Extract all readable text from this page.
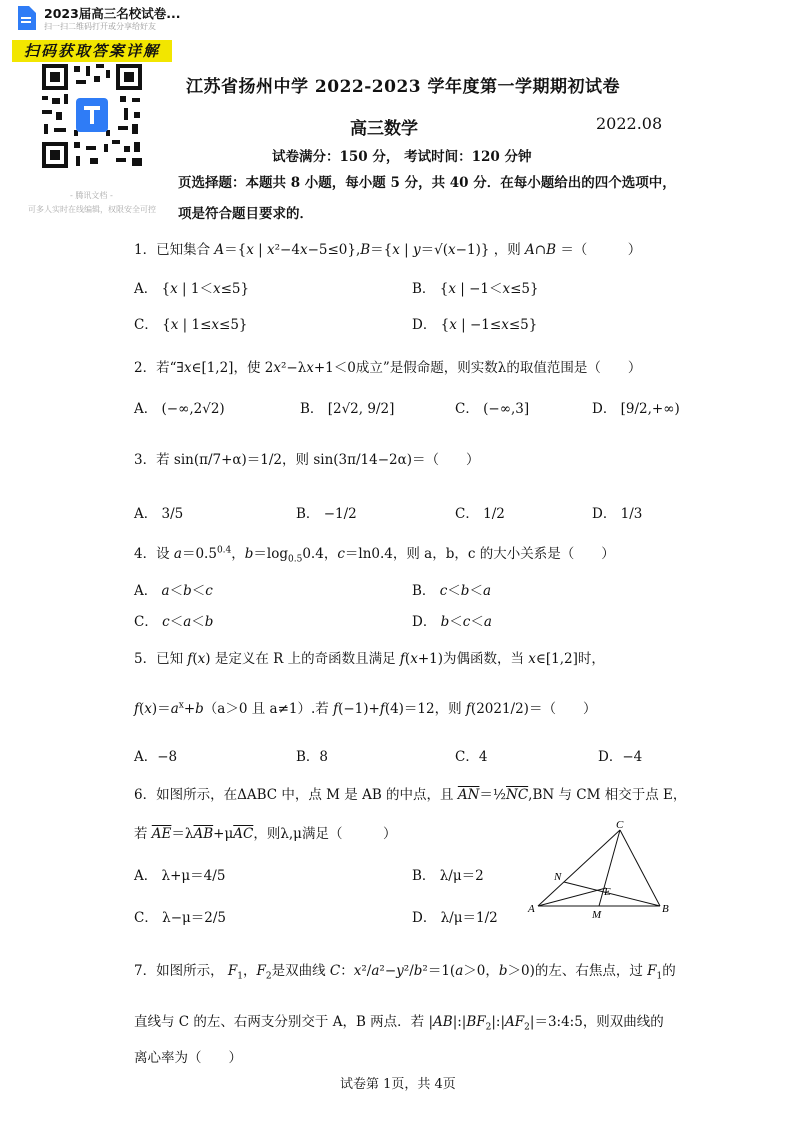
2023届高三名校试卷...
扫一扫二维码打开或分享给好友
扫码获取答案详解
- 腾讯文档 -
可多人实时在线编辑，权限安全可控
江苏省扬州中学 2022-2023 学年度第一学期期初试卷
高三数学	2022.08
试卷满分：150 分， 考试时间：120 分钟
页选择题：本题共 8 小题，每小题 5 分，共 40 分．在每小题给出的四个选项中，
项是符合题目要求的．
1．已知集合 A＝{x | x²−4x−5≤0},B＝{x | y＝√(x−1)} ，则 A∩B ＝（　　　）
A． {x | 1＜x≤5}	B． {x | −1＜x≤5}
C． {x | 1≤x≤5}	D． {x | −1≤x≤5}
2．若“∃x∈[1,2]，使 2x²−λx+1＜0成立”是假命题，则实数λ的取值范围是（　　）
A． (−∞,2√2)	B． [2√2, 9/2]	C． (−∞,3]	D． [9/2,+∞)
3．若 sin(π/7+α)＝1/2，则 sin(3π/14−2α)＝（　　）
A． 3/5	B． −1/2	C． 1/2	D． 1/3
4．设 $a=0.5^{0.4}$，$b=\log_{0.5}0.4$，c＝ln0.4，则 a，b，c 的大小关系是（　　）
A． a＜b＜c	B． c＜b＜a
C． c＜a＜b	D． b＜c＜a
5．已知 f(x) 是定义在 R 上的奇函数且满足 f(x+1)为偶函数，当 x∈[1,2]时，
$f(x)=a^x+b(a>0$ 且 a≠1）.若 f(−1)+f(4)＝12，则 f(2021/2)＝（　　）
A．−8	B．8	C．4	D．−4
6．如图所示，在ΔABC 中，点 M 是 AB 的中点，且 $\overline{AN}=\frac{1}{2}\overline{NC},BN$ 与 CM 相交于点 E，
若 $\overline{AE}=\lambda\overline{AB}+\mu\overline{AC}$，则λ,μ满足（　　　）
A． λ+μ＝4/5	B． λ/μ＝2
C． λ−μ＝2/5	D． λ/μ＝1/2
C
N
E
A	M	B
7．如图所示， $F_1$，$F_2$是双曲线 C：x²/a²−y²/b²＝1(a＞0，b＞0)的左、右焦点，过 $F_1$的
直线与 C 的左、右两支分别交于 A，B 两点．若 $|AB|:|BF_2|:|AF_2|=3:4:5$，则双曲线的
离心率为（　　）
试卷第 1页，共 4页
